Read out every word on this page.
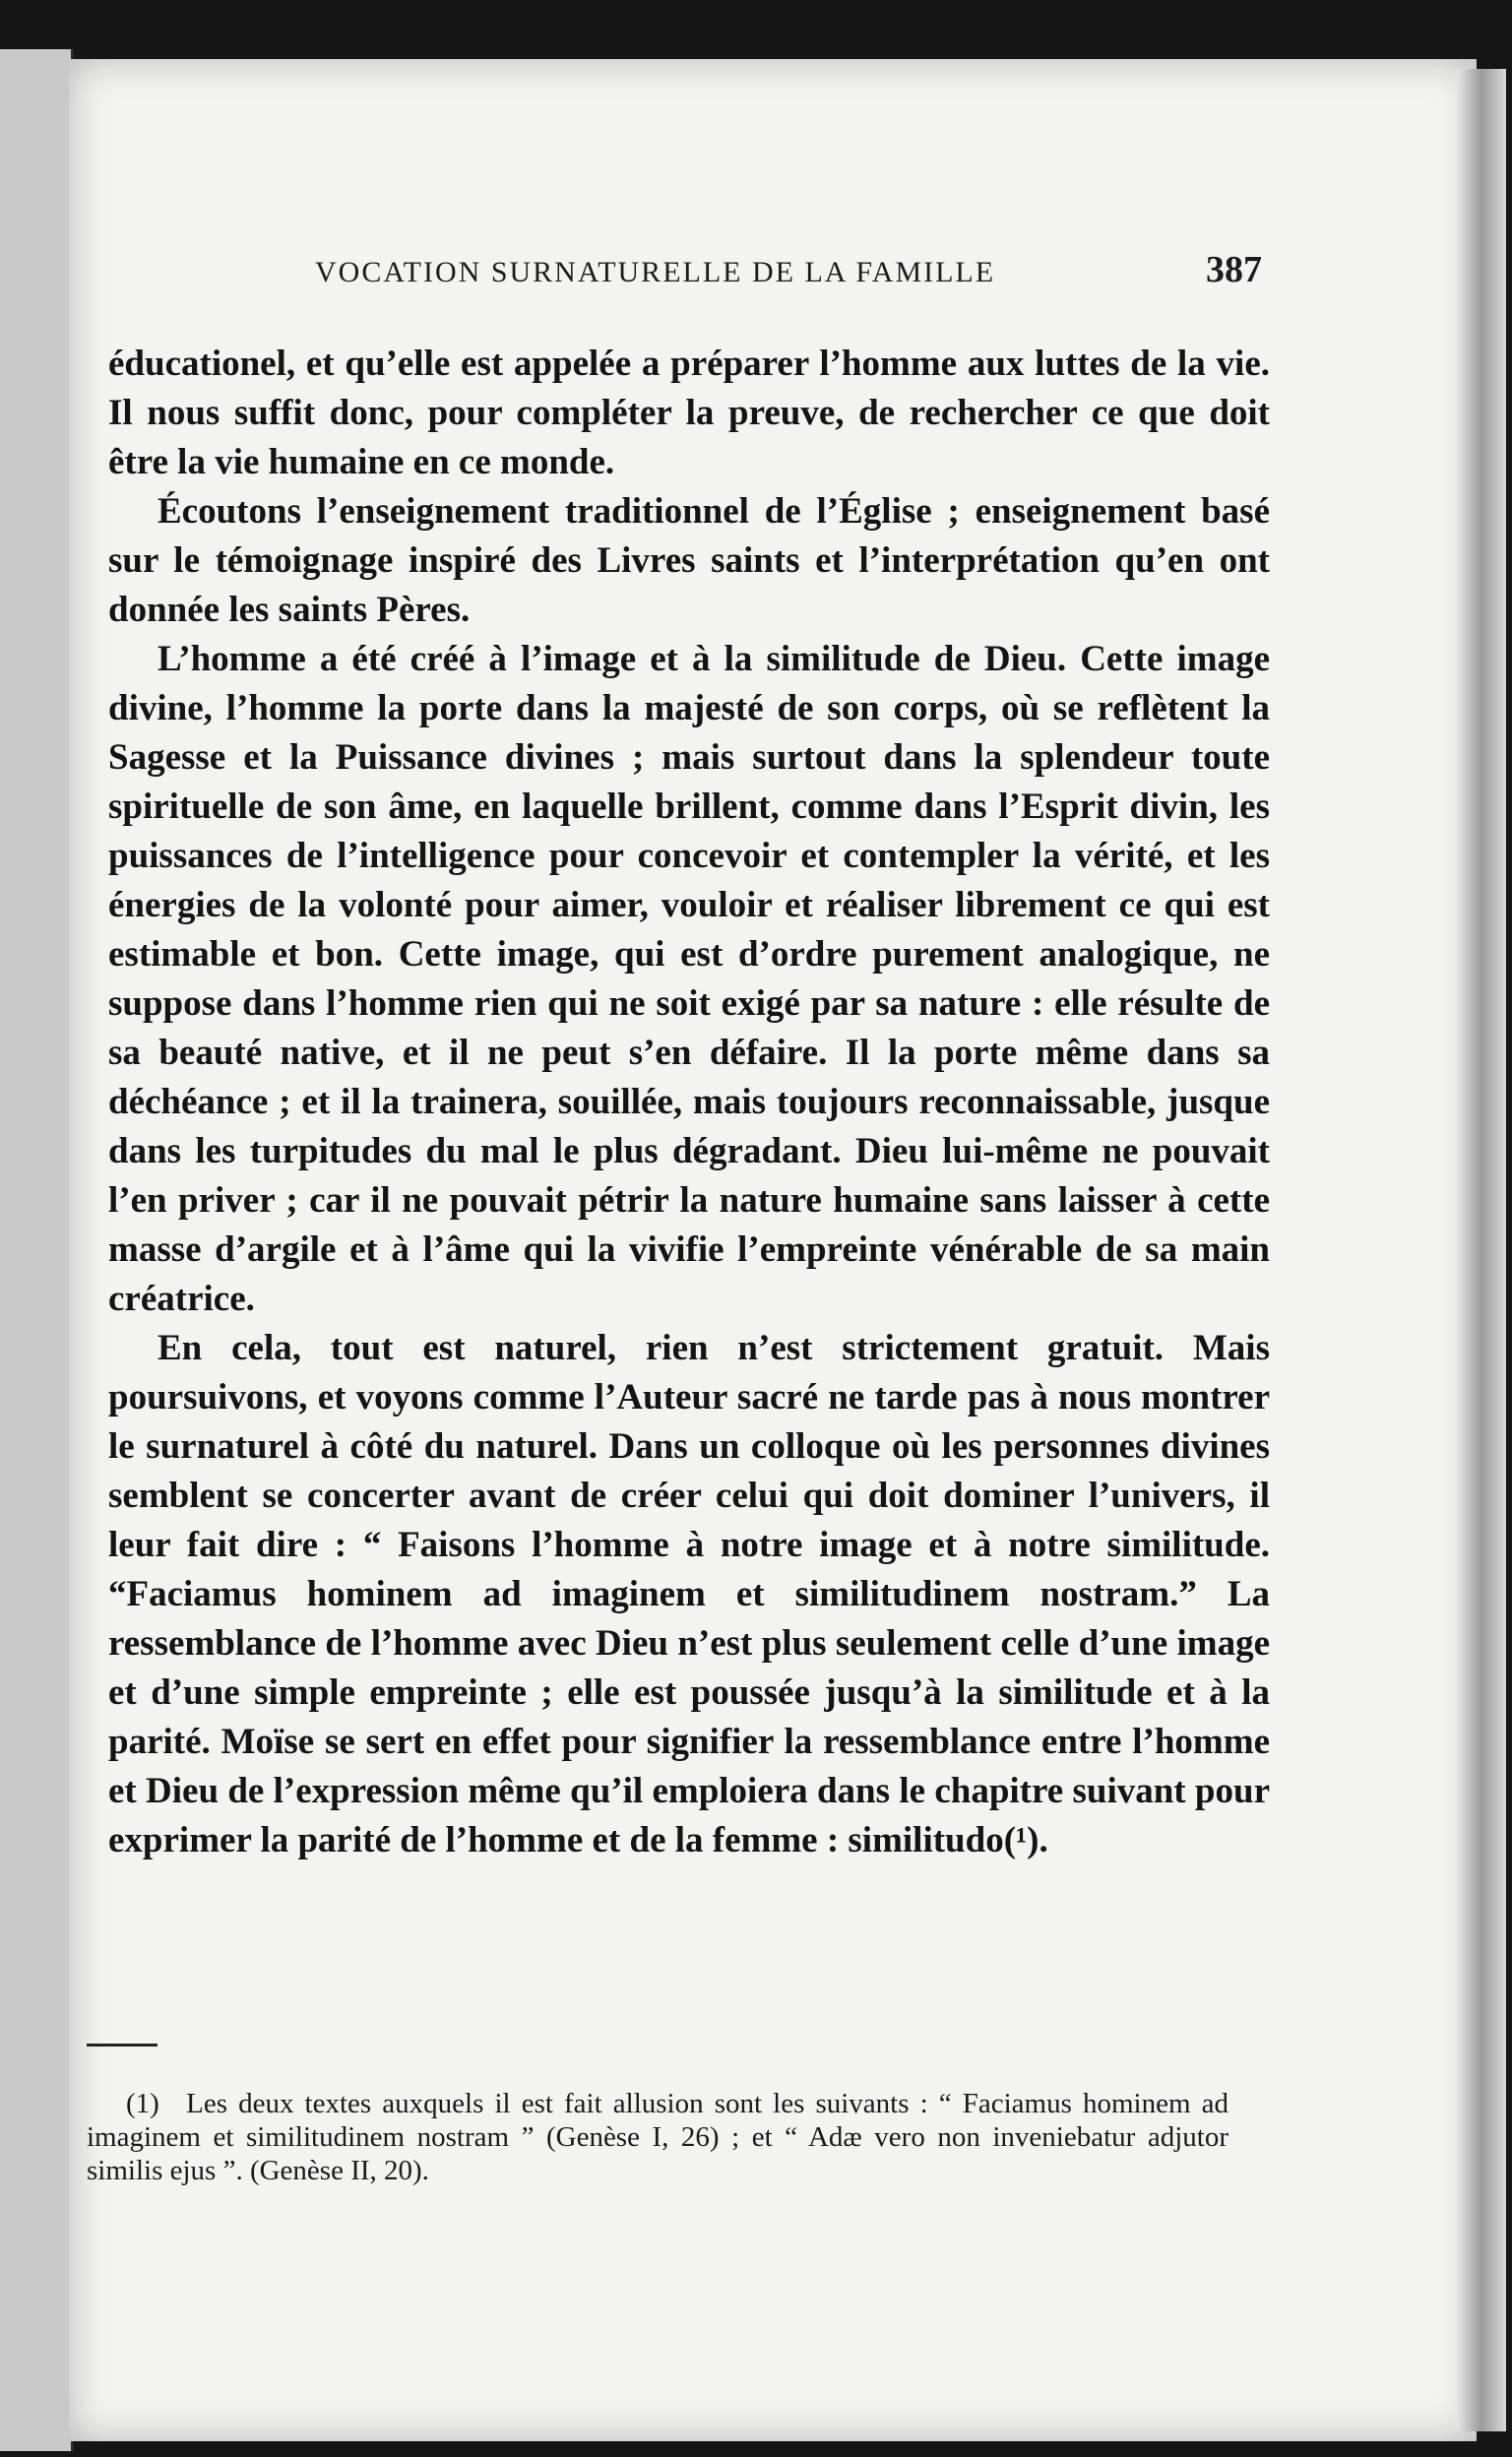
VOCATION SURNATURELLE DE LA FAMILLE	387

éducationel, et qu’elle est appelée a préparer l’homme aux luttes de la vie. Il nous suffit donc, pour compléter la preuve, de rechercher ce que doit être la vie humaine en ce monde.

Écoutons l’enseignement traditionnel de l’Église ; enseignement basé sur le témoignage inspiré des Livres saints et l’interprétation qu’en ont donnée les saints Pères.

L’homme a été créé à l’image et à la similitude de Dieu. Cette image divine, l’homme la porte dans la majesté de son corps, où se reflètent la Sagesse et la Puissance divines ; mais surtout dans la splendeur toute spirituelle de son âme, en laquelle brillent, comme dans l’Esprit divin, les puissances de l’intelligence pour concevoir et contempler la vérité, et les énergies de la volonté pour aimer, vouloir et réaliser librement ce qui est estimable et bon. Cette image, qui est d’ordre purement analogique, ne suppose dans l’homme rien qui ne soit exigé par sa nature : elle résulte de sa beauté native, et il ne peut s’en défaire. Il la porte même dans sa déchéance ; et il la trainera, souillée, mais toujours reconnaissable, jusque dans les turpitudes du mal le plus dégradant. Dieu lui-même ne pouvait l’en priver ; car il ne pouvait pétrir la nature humaine sans laisser à cette masse d’argile et à l’âme qui la vivifie l’empreinte vénérable de sa main créatrice.

En cela, tout est naturel, rien n’est strictement gratuit. Mais poursuivons, et voyons comme l’Auteur sacré ne tarde pas à nous montrer le surnaturel à côté du naturel. Dans un colloque où les personnes divines semblent se concerter avant de créer celui qui doit dominer l’univers, il leur fait dire : “ Faisons l’homme à notre image et à notre similitude. “Faciamus hominem ad imaginem et similitudinem nostram.” La ressemblance de l’homme avec Dieu n’est plus seulement celle d’une image et d’une simple empreinte ; elle est poussée jusqu’à la similitude et à la parité. Moïse se sert en effet pour signifier la ressemblance entre l’homme et Dieu de l’expression même qu’il emploiera dans le chapitre suivant pour exprimer la parité de l’homme et de la femme : similitudo(¹).

(1) Les deux textes auxquels il est fait allusion sont les suivants : “ Faciamus hominem ad imaginem et similitudinem nostram ” (Genèse I, 26) ; et “ Adæ vero non inveniebatur adjutor similis ejus ”. (Genèse II, 20).
